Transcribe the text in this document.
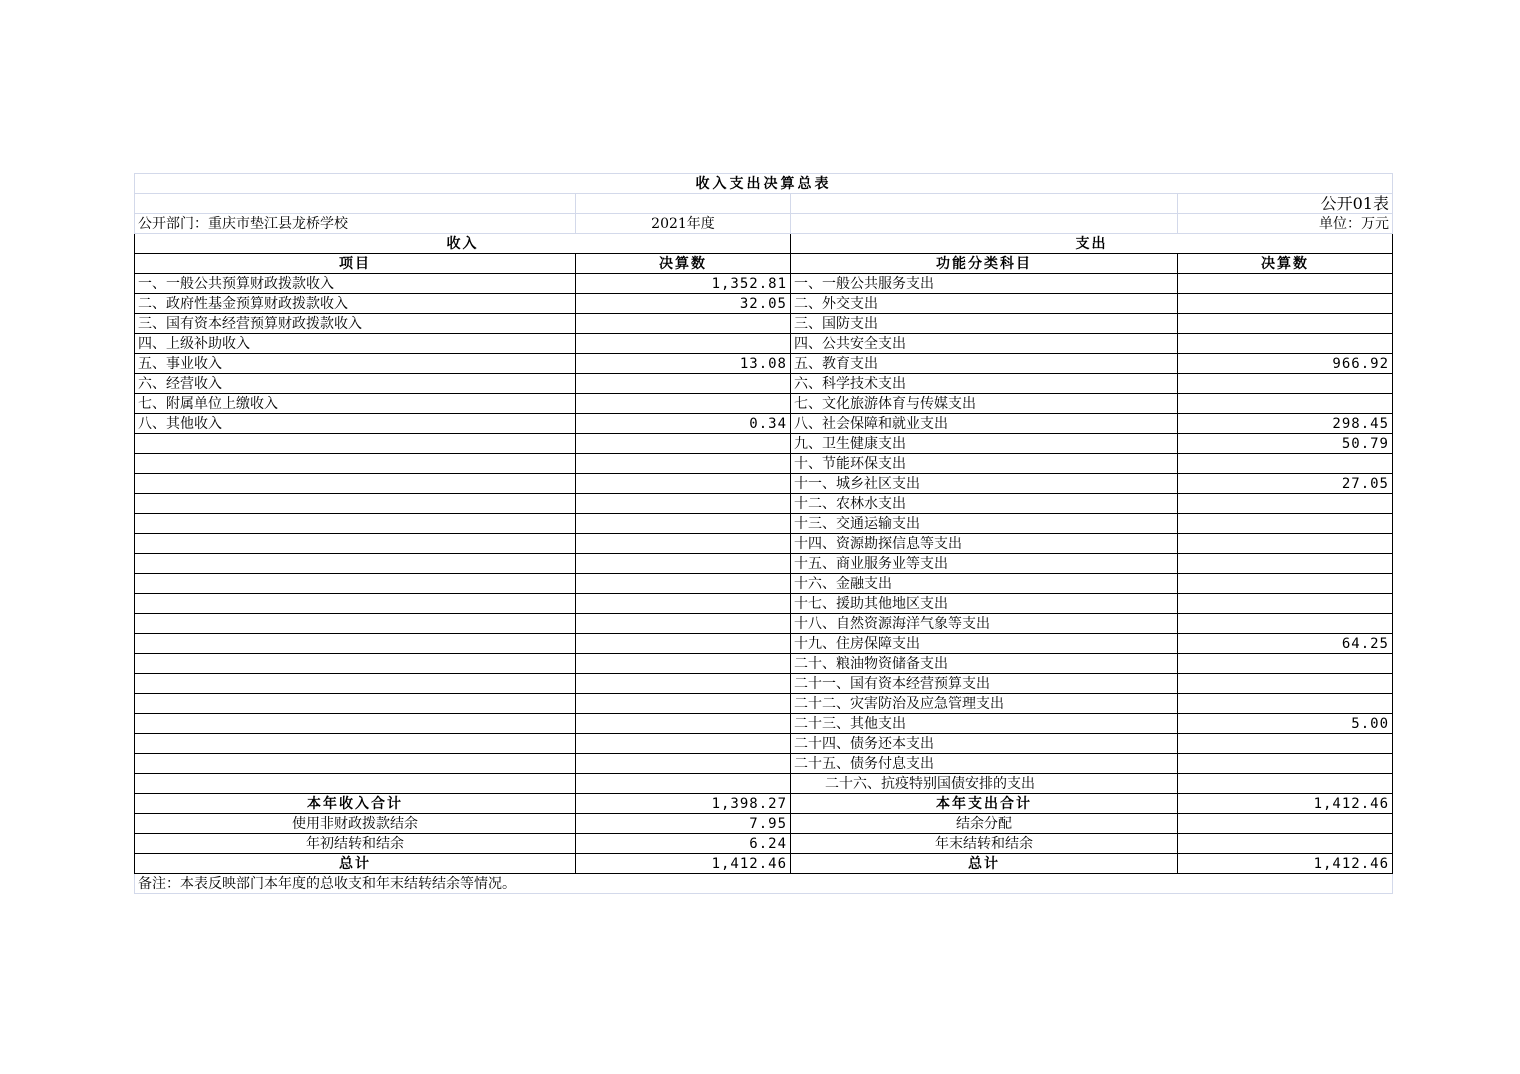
收入支出决算总表			
			公开01表
公开部门：重庆市垫江县龙桥学校	2021年度		单位：万元
收入		支出	
项目	决算数	功能分类科目	决算数
一、一般公共预算财政拨款收入	1,352.81	一、一般公共服务支出	
二、政府性基金预算财政拨款收入	32.05	二、外交支出	
三、国有资本经营预算财政拨款收入		三、国防支出	
四、上级补助收入		四、公共安全支出	
五、事业收入	13.08	五、教育支出	966.92
六、经营收入		六、科学技术支出	
七、附属单位上缴收入		七、文化旅游体育与传媒支出	
八、其他收入	0.34	八、社会保障和就业支出	298.45
		九、卫生健康支出	50.79
		十、节能环保支出	
		十一、城乡社区支出	27.05
		十二、农林水支出	
		十三、交通运输支出	
		十四、资源勘探信息等支出	
		十五、商业服务业等支出	
		十六、金融支出	
		十七、援助其他地区支出	
		十八、自然资源海洋气象等支出	
		十九、住房保障支出	64.25
		二十、粮油物资储备支出	
		二十一、国有资本经营预算支出	
		二十二、灾害防治及应急管理支出	
		二十三、其他支出	5.00
		二十四、债务还本支出	
		二十五、债务付息支出	
		二十六、抗疫特别国债安排的支出	
本年收入合计	1,398.27	本年支出合计	1,412.46
使用非财政拨款结余	7.95	结余分配	
年初结转和结余	6.24	年末结转和结余	
总计	1,412.46	总计	1,412.46
备注：本表反映部门本年度的总收支和年末结转结余等情况。			
